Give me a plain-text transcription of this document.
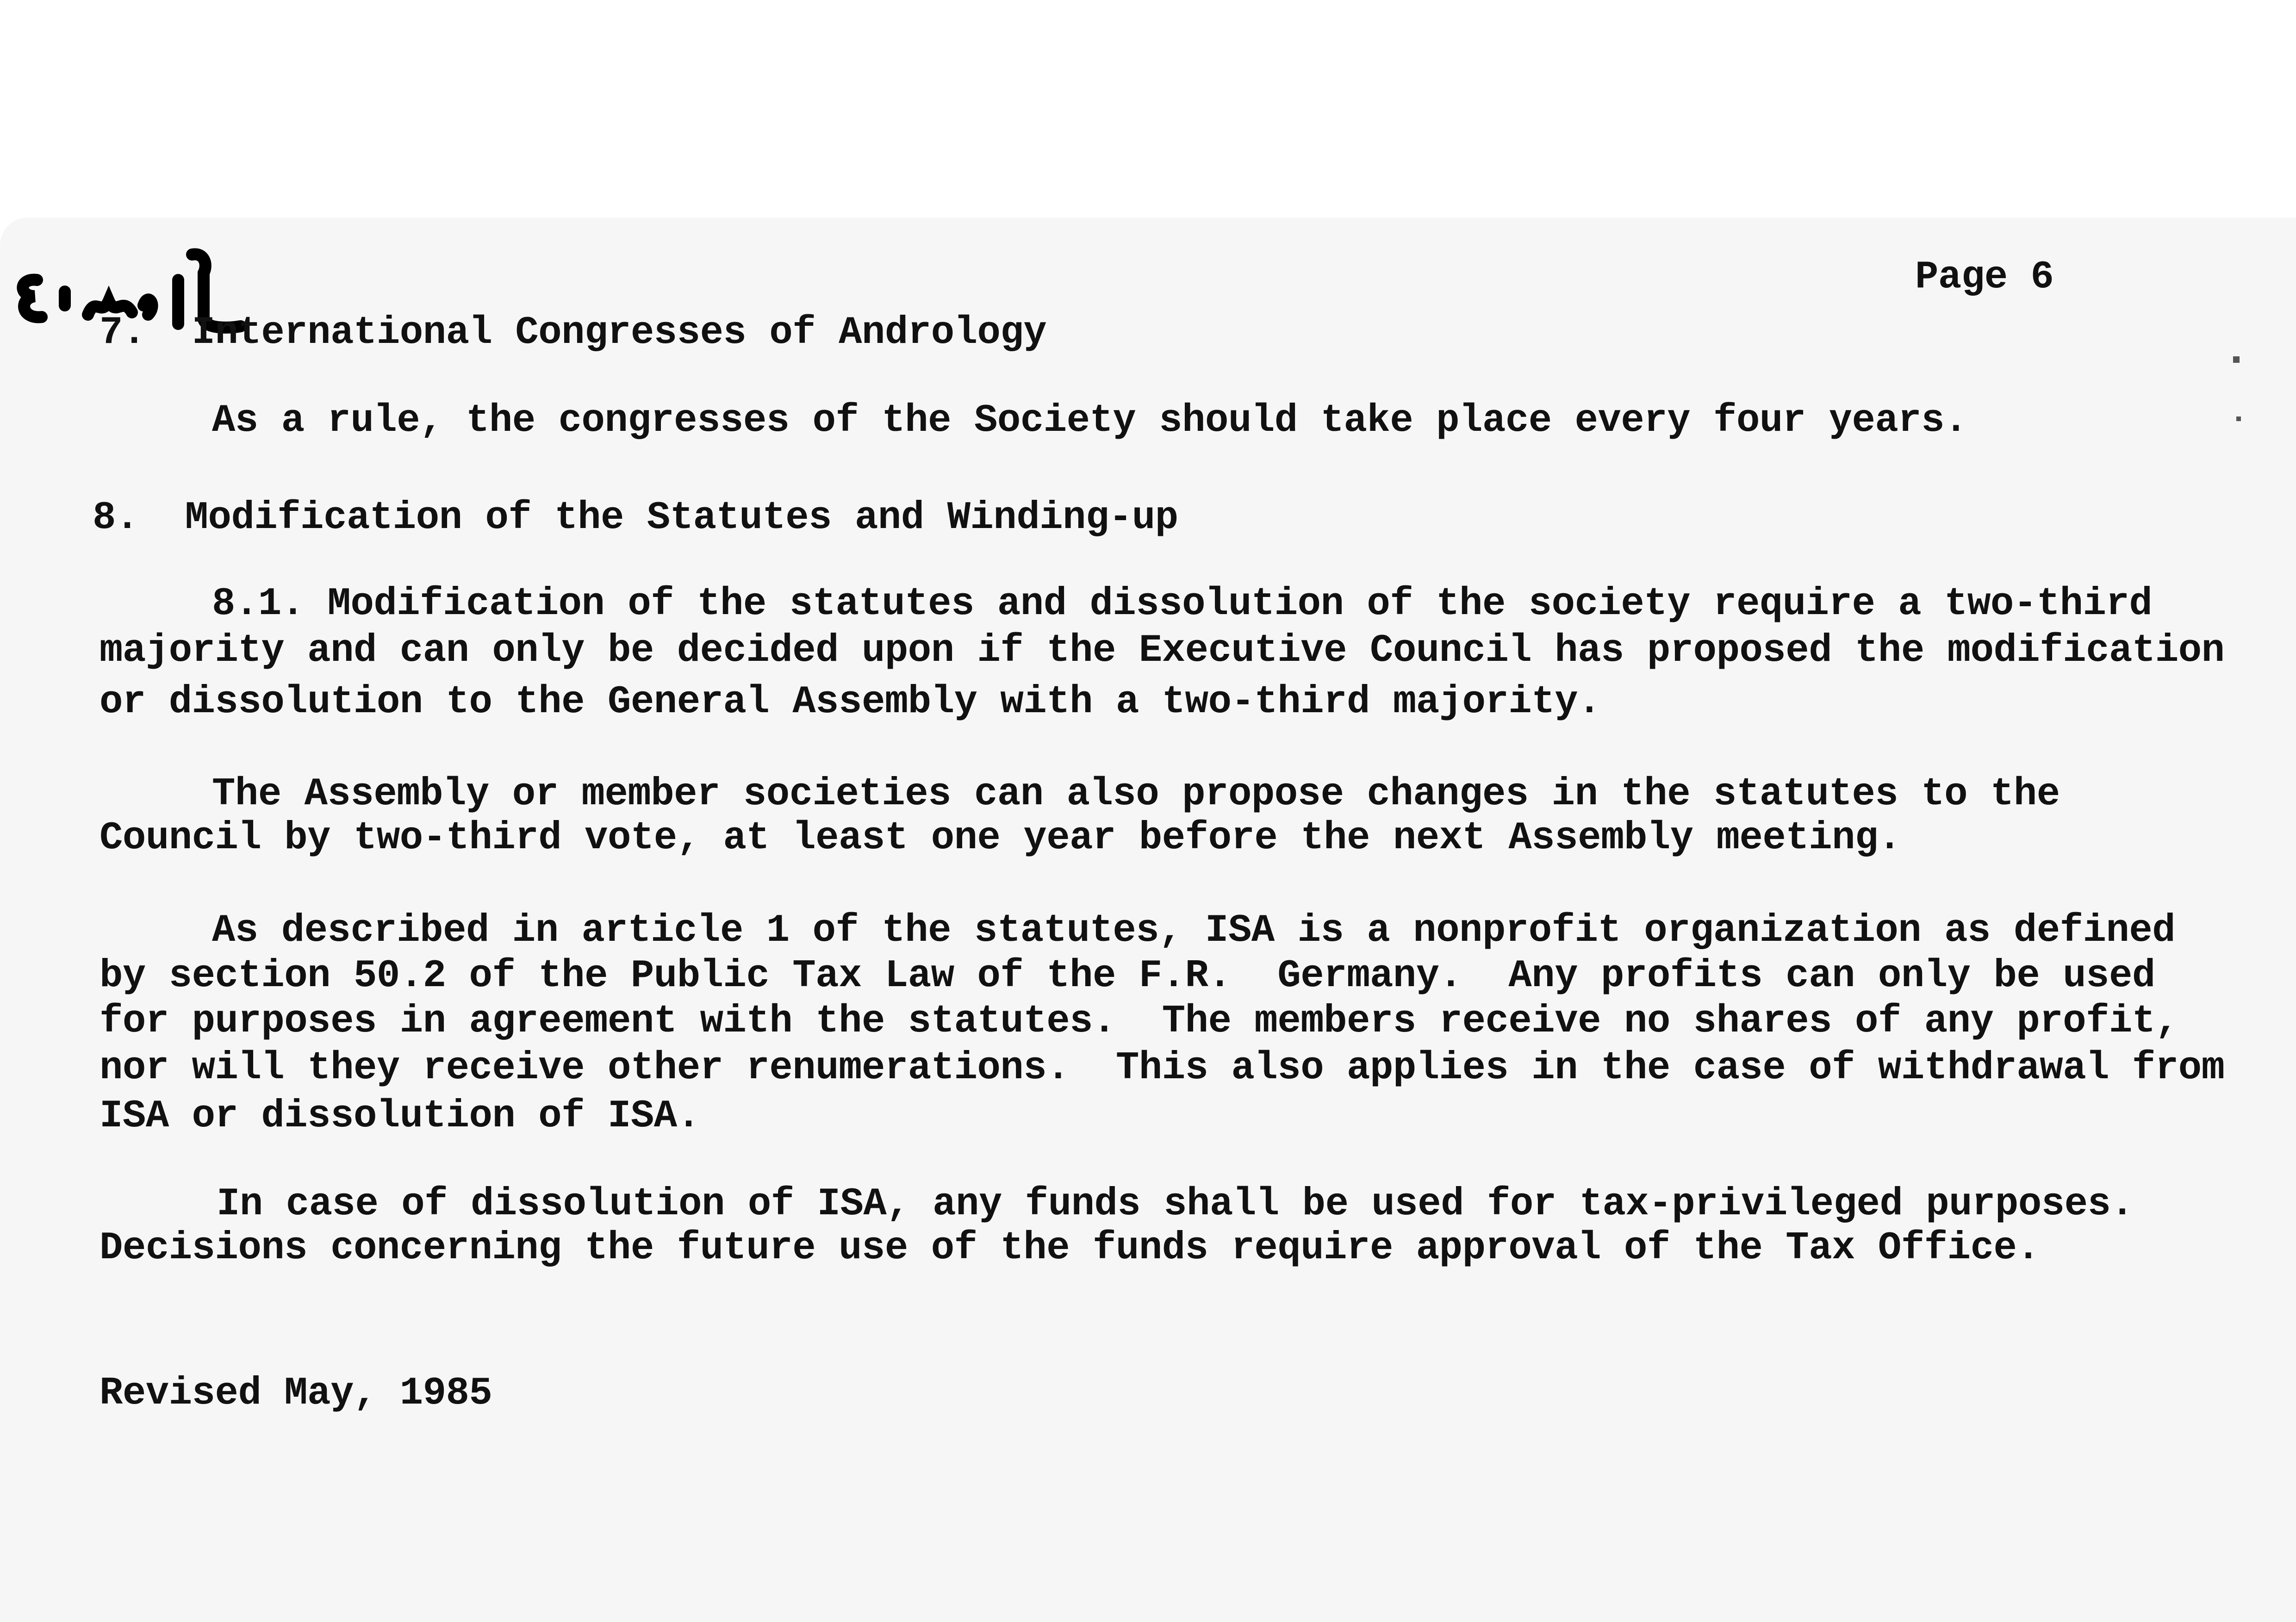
Page 6
7.  International Congresses of Andrology
As a rule, the congresses of the Society should take place every four years.
8.  Modification of the Statutes and Winding-up
8.1. Modification of the statutes and dissolution of the society require a two-third
majority and can only be decided upon if the Executive Council has proposed the modification
or dissolution to the General Assembly with a two-third majority.
The Assembly or member societies can also propose changes in the statutes to the
Council by two-third vote, at least one year before the next Assembly meeting.
As described in article 1 of the statutes, ISA is a nonprofit organization as defined
by section 50.2 of the Public Tax Law of the F.R.  Germany.  Any profits can only be used
for purposes in agreement with the statutes.  The members receive no shares of any profit,
nor will they receive other renumerations.  This also applies in the case of withdrawal from
ISA or dissolution of ISA.
In case of dissolution of ISA, any funds shall be used for tax-privileged purposes.
Decisions concerning the future use of the funds require approval of the Tax Office.
Revised May, 1985
